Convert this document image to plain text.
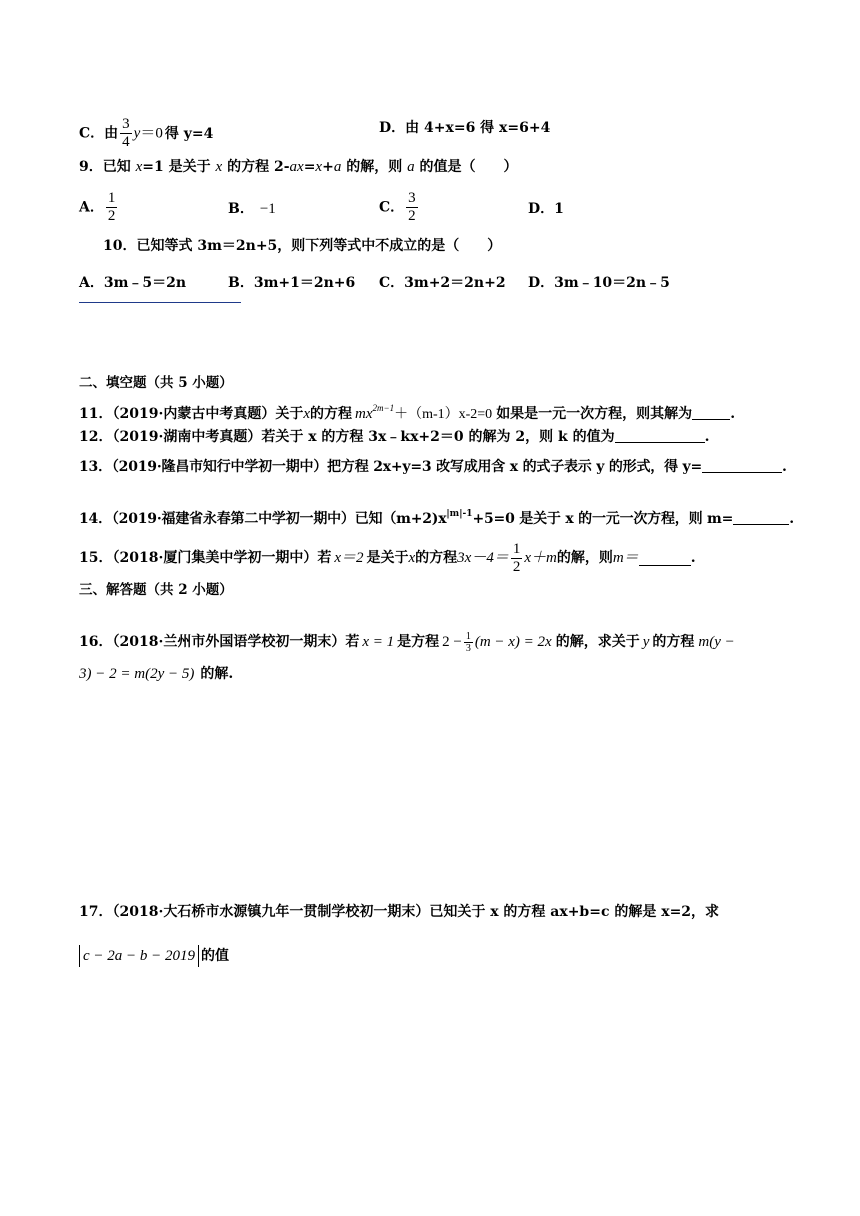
C．由 $\frac{3}{4} y=0$ 得 y=4	D．由 4+x=6 得 x=6+4
9．已知 x=1 是关于 x 的方程 2-ax=x+a 的解，则 a 的值是（　　）
A． $\frac{1}{2}$	B． −1	C． $\frac{3}{2}$	D．1
10．已知等式 3m＝2n+5，则下列等式中不成立的是（　　）
A．3m﹣5＝2n	B．3m+1＝2n+6 C．3m+2＝2n+2 D．3m﹣10＝2n﹣5
二、填空题（共 5 小题）
11．（2019·内蒙古中考真题）关于x的方程 $mx^{2m-1}+(m-1)x-2=0$ 如果是一元一次方程，则其解为	.
12．（2019·湖南中考真题）若关于 x 的方程 3x﹣kx+2＝0 的解为 2，则 k 的值为	.
13．（2019·隆昌市知行中学初一期中）把方程 2x+y=3 改写成用含 x 的式子表示 y 的形式，得 y=	.
14．（2019·福建省永春第二中学初一期中）已知$(m+2)x^{|m|-1}+5=0$ 是关于 x 的一元一次方程，则 m=	.
15．（2018·厦门集美中学初一期中）若 x＝2 是关于x的方程$3x-4= \frac{1}{2} x+m$的解，则m＝	.
三、解答题（共 2 小题）
16．（2018·兰州市外国语学校初一期末）若 x = 1 是方程 $2 - \frac{1}{3} (m - x) = 2x$ 的解，求关于 y 的方程 m(y −
3) − 2 = m(2y − 5) 的解.
17．（2018·大石桥市水源镇九年一贯制学校初一期末）已知关于 x 的方程 ax+b=c 的解是 x=2，求
c − 2a − b − 2019 的值
